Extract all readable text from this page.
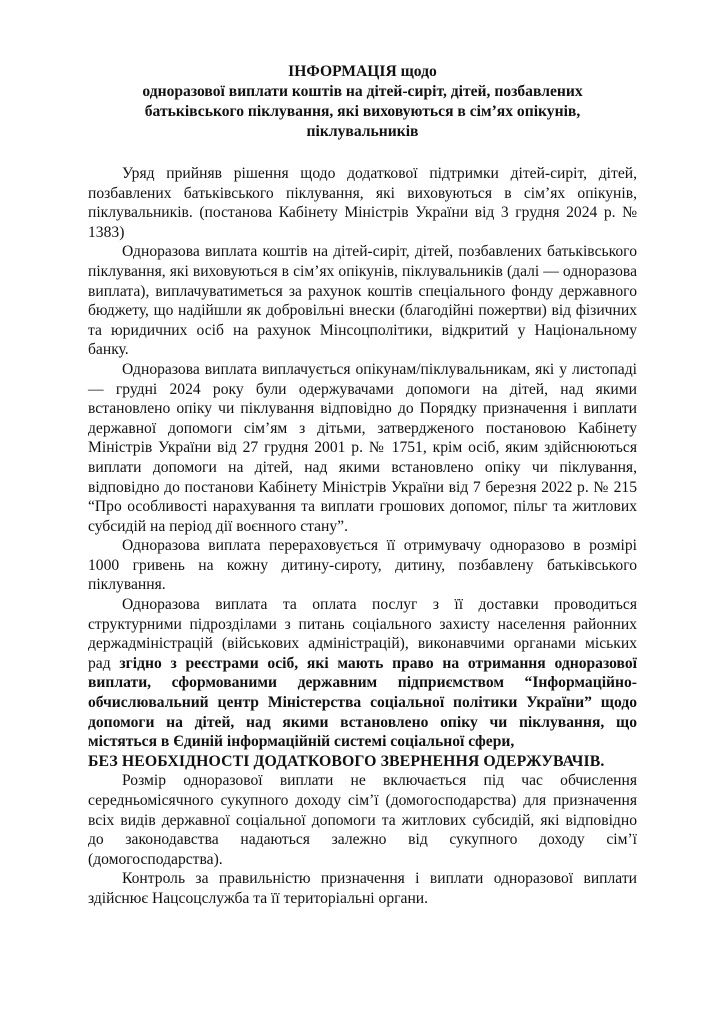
ІНФОРМАЦІЯ щодо
одноразової виплати коштів на дітей-сиріт, дітей, позбавлених
батьківського піклування, які виховуються в сім’ях опікунів,
піклувальників

Уряд прийняв рішення щодо додаткової підтримки дітей-сиріт, дітей, позбавлених батьківського піклування, які виховуються в сім’ях опікунів, піклувальників. (постанова Кабінету Міністрів України від 3 грудня 2024 р. № 1383)

Одноразова виплата коштів на дітей-сиріт, дітей, позбавлених батьківського піклування, які виховуються в сім’ях опікунів, піклувальників (далі — одноразова виплата), виплачуватиметься за рахунок коштів спеціального фонду державного бюджету, що надійшли як добровільні внески (благодійні пожертви) від фізичних та юридичних осіб на рахунок Мінсоцполітики, відкритий у Національному банку.

Одноразова виплата виплачується опікунам/піклувальникам, які у листопаді — грудні 2024 року були одержувачами допомоги на дітей, над якими встановлено опіку чи піклування відповідно до Порядку призначення і виплати державної допомоги сім’ям з дітьми, затвердженого постановою Кабінету Міністрів України від 27 грудня 2001 р. № 1751, крім осіб, яким здійснюються виплати допомоги на дітей, над якими встановлено опіку чи піклування, відповідно до постанови Кабінету Міністрів України від 7 березня 2022 р. № 215 “Про особливості нарахування та виплати грошових допомог, пільг та житлових субсидій на період дії воєнного стану”.

Одноразова виплата перераховується її отримувачу одноразово в розмірі 1000 гривень на кожну дитину-сироту, дитину, позбавлену батьківського піклування.

Одноразова виплата та оплата послуг з її доставки проводиться структурними підрозділами з питань соціального захисту населення районних держадміністрацій (військових адміністрацій), виконавчими органами міських рад згідно з реєстрами осіб, які мають право на отримання одноразової виплати, сформованими державним підприємством “Інформаційно-обчислювальний центр Міністерства соціальної політики України” щодо допомоги на дітей, над якими встановлено опіку чи піклування, що містяться в Єдиній інформаційній системі соціальної сфери,

БЕЗ НЕОБХІДНОСТІ ДОДАТКОВОГО ЗВЕРНЕННЯ ОДЕРЖУВАЧІВ.

Розмір одноразової виплати не включається під час обчислення середньомісячного сукупного доходу сім’ї (домогосподарства) для призначення всіх видів державної соціальної допомоги та житлових субсидій, які відповідно до законодавства надаються залежно від сукупного доходу сім’ї (домогосподарства).

Контроль за правильністю призначення і виплати одноразової виплати здійснює Нацсоцслужба та її територіальні органи.
